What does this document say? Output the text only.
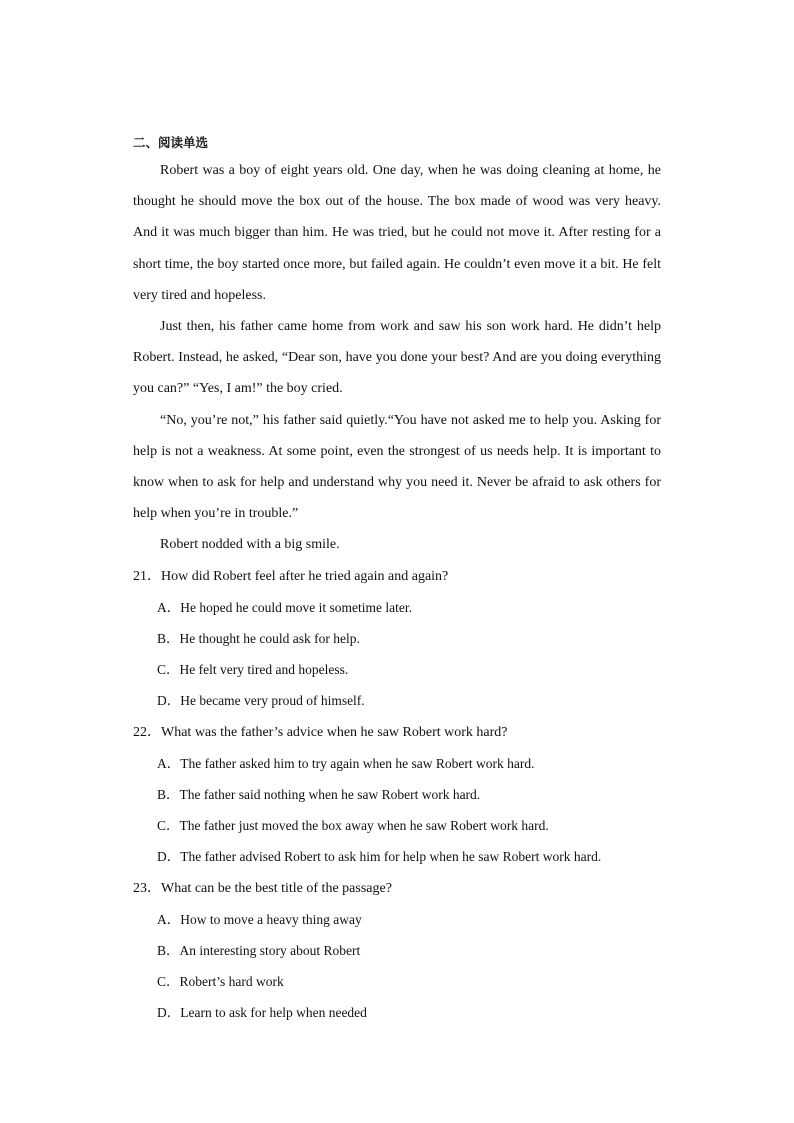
二、阅读单选

Robert was a boy of eight years old. One day, when he was doing cleaning at home, he thought he should move the box out of the house. The box made of wood was very heavy. And it was much bigger than him. He was tried, but he could not move it. After resting for a short time, the boy started once more, but failed again. He couldn’t even move it a bit. He felt very tired and hopeless.

Just then, his father came home from work and saw his son work hard. He didn’t help Robert. Instead, he asked, “Dear son, have you done your best? And are you doing everything you can?” “Yes, I am!” the boy cried.

“No, you’re not,” his father said quietly.“You have not asked me to help you. Asking for help is not a weakness. At some point, even the strongest of us needs help. It is important to know when to ask for help and understand why you need it. Never be afraid to ask others for help when you’re in trouble.”

Robert nodded with a big smile.

21．How did Robert feel after he tried again and again?
A．He hoped he could move it sometime later.
B．He thought he could ask for help.
C．He felt very tired and hopeless.
D．He became very proud of himself.
22．What was the father’s advice when he saw Robert work hard?
A．The father asked him to try again when he saw Robert work hard.
B．The father said nothing when he saw Robert work hard.
C．The father just moved the box away when he saw Robert work hard.
D．The father advised Robert to ask him for help when he saw Robert work hard.
23．What can be the best title of the passage?
A．How to move a heavy thing away
B．An interesting story about Robert
C．Robert’s hard work
D．Learn to ask for help when needed
